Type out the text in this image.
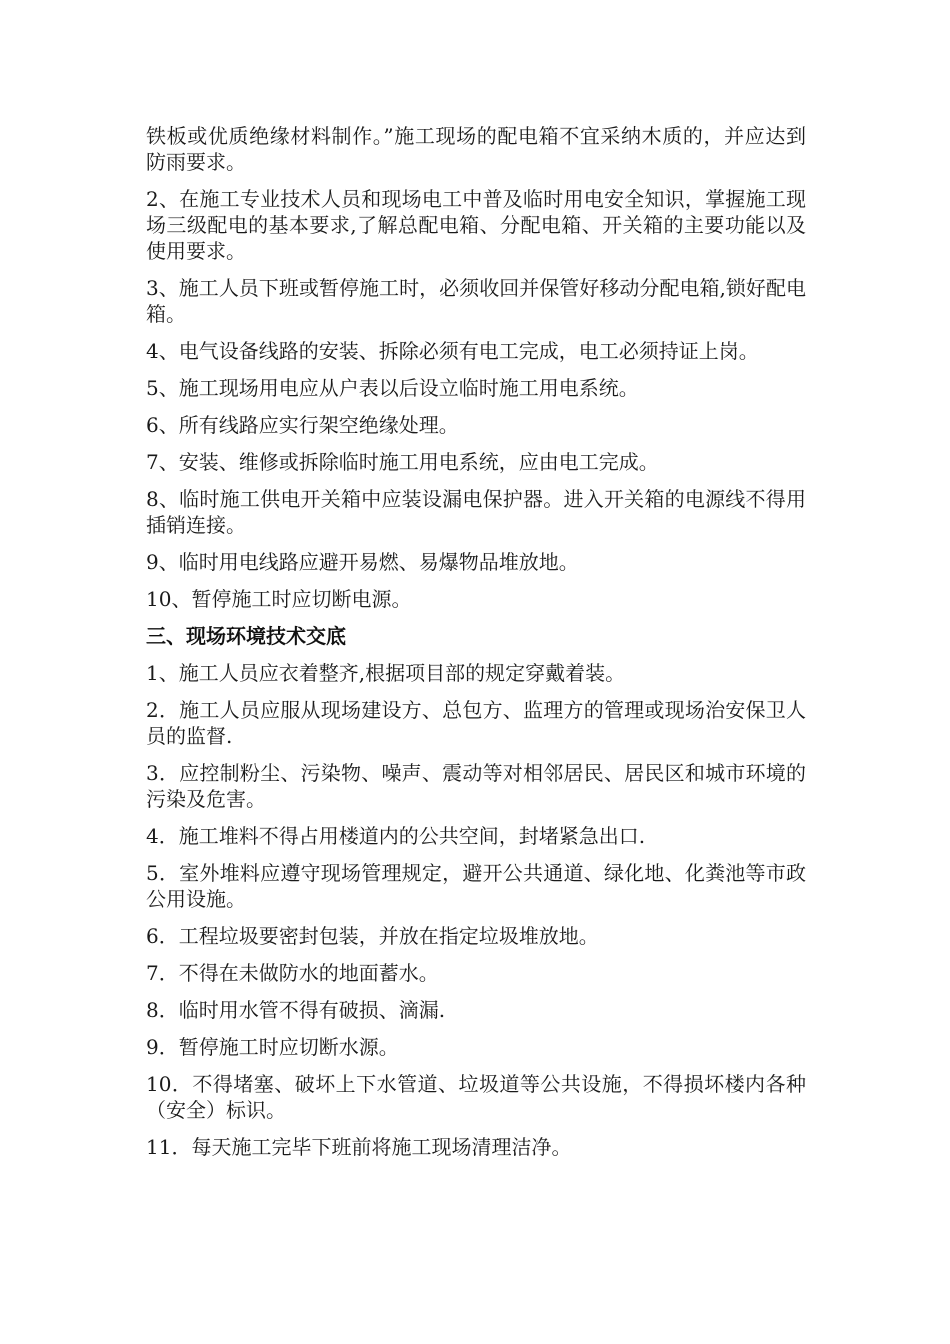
铁板或优质绝缘材料制作。”施工现场的配电箱不宜采纳木质的，并应达到防雨要求。

2、在施工专业技术人员和现场电工中普及临时用电安全知识，掌握施工现场三级配电的基本要求,了解总配电箱、分配电箱、开关箱的主要功能以及使用要求。

3、施工人员下班或暂停施工时，必须收回并保管好移动分配电箱,锁好配电箱。

4、电气设备线路的安装、拆除必须有电工完成，电工必须持证上岗。

5、施工现场用电应从户表以后设立临时施工用电系统。

6、所有线路应实行架空绝缘处理。

7、安装、维修或拆除临时施工用电系统，应由电工完成。

8、临时施工供电开关箱中应装设漏电保护器。进入开关箱的电源线不得用插销连接。

9、临时用电线路应避开易燃、易爆物品堆放地。

10、暂停施工时应切断电源。

三、现场环境技术交底

1、施工人员应衣着整齐,根据项目部的规定穿戴着装。

2．施工人员应服从现场建设方、总包方、监理方的管理或现场治安保卫人员的监督.

3．应控制粉尘、污染物、噪声、震动等对相邻居民、居民区和城市环境的污染及危害。

4．施工堆料不得占用楼道内的公共空间，封堵紧急出口.

5．室外堆料应遵守现场管理规定，避开公共通道、绿化地、化粪池等市政公用设施。

6．工程垃圾要密封包装，并放在指定垃圾堆放地。

7．不得在未做防水的地面蓄水。

8．临时用水管不得有破损、滴漏.

9．暂停施工时应切断水源。

10．不得堵塞、破坏上下水管道、垃圾道等公共设施，不得损坏楼内各种（安全）标识。

11．每天施工完毕下班前将施工现场清理洁净。
